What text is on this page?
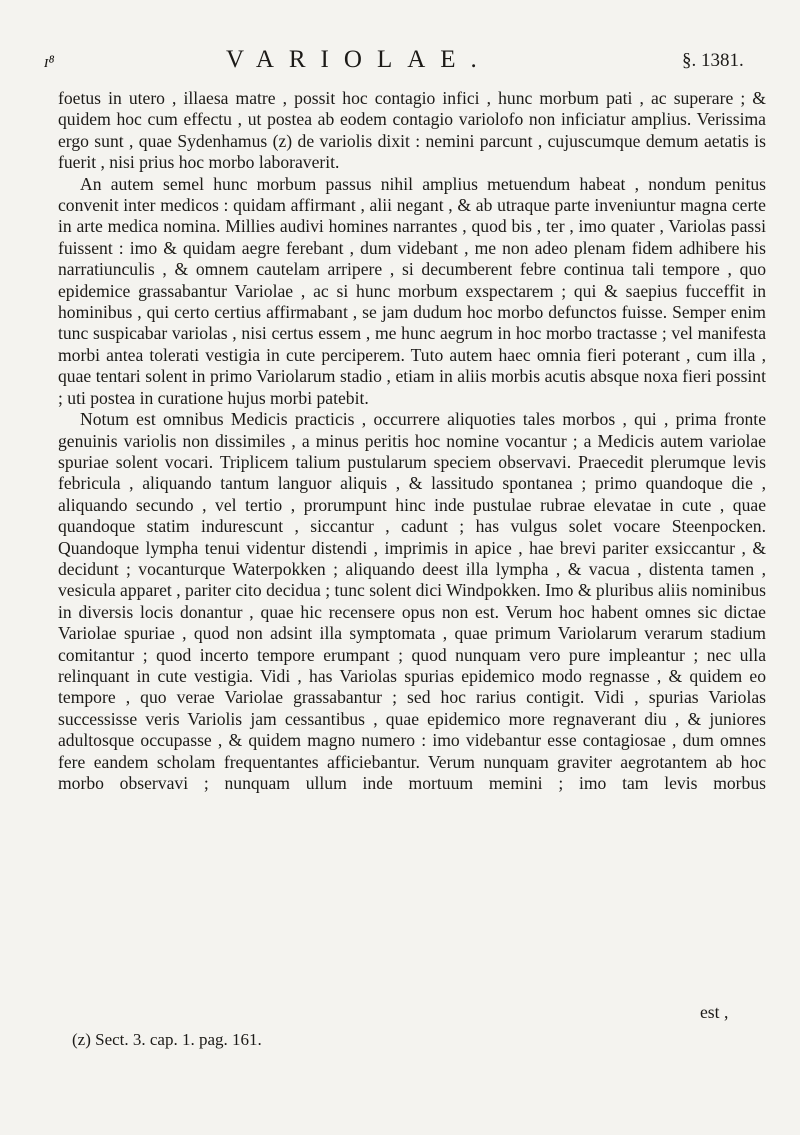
ɪ⁸	VARIOLAE.	§. 1381.

foetus in utero , illaesa matre , possit hoc contagio infici , hunc morbum pati , ac superare ; & quidem hoc cum effectu , ut postea ab eodem contagio variolofo non inficiatur amplius. Verissima ergo sunt , quae Sydenhamus (z) de variolis dixit : nemini parcunt , cujuscumque demum aetatis is fuerit , nisi prius hoc morbo laboraverit.

An autem semel hunc morbum passus nihil amplius metuendum habeat , nondum penitus convenit inter medicos : quidam affirmant , alii negant , & ab utraque parte inveniuntur magna certe in arte medica nomina. Millies audivi homines narrantes , quod bis , ter , imo quater , Variolas passi fuissent : imo & quidam aegre ferebant , dum videbant , me non adeo plenam fidem adhibere his narratiunculis , & omnem cautelam arripere , si decumberent febre continua tali tempore , quo epidemice grassabantur Variolae , ac si hunc morbum exspectarem ; qui & saepius fucceffit in hominibus , qui certo certius affirmabant , se jam dudum hoc morbo defunctos fuisse. Semper enim tunc suspicabar variolas , nisi certus essem , me hunc aegrum in hoc morbo tractasse ; vel manifesta morbi antea tolerati vestigia in cute perciperem. Tuto autem haec omnia fieri poterant , cum illa , quae tentari solent in primo Variolarum stadio , etiam in aliis morbis acutis absque noxa fieri possint ; uti postea in curatione hujus morbi patebit.

Notum est omnibus Medicis practicis , occurrere aliquoties tales morbos , qui , prima fronte genuinis variolis non dissimiles , a minus peritis hoc nomine vocantur ; a Medicis autem variolae spuriae solent vocari. Triplicem talium pustularum speciem observavi. Praecedit plerumque levis febricula , aliquando tantum languor aliquis , & lassitudo spontanea ; primo quandoque die , aliquando secundo , vel tertio , prorumpunt hinc inde pustulae rubrae elevatae in cute , quae quandoque statim indurescunt , siccantur , cadunt ; has vulgus solet vocare Steenpocken. Quandoque lympha tenui videntur distendi , imprimis in apice , hae brevi pariter exsiccantur , & decidunt ; vocanturque Waterpokken ; aliquando deest illa lympha , & vacua , distenta tamen , vesicula apparet , pariter cito decidua ; tunc solent dici Windpokken. Imo & pluribus aliis nominibus in diversis locis donantur , quae hic recensere opus non est. Verum hoc habent omnes sic dictae Variolae spuriae , quod non adsint illa symptomata , quae primum Variolarum verarum stadium comitantur ; quod incerto tempore erumpant ; quod nunquam vero pure impleantur ; nec ulla relinquant in cute vestigia. Vidi , has Variolas spurias epidemico modo regnasse , & quidem eo tempore , quo verae Variolae grassabantur ; sed hoc rarius contigit. Vidi , spurias Variolas successisse veris Variolis jam cessantibus , quae epidemico more regnaverant diu , & juniores adultosque occupasse , & quidem magno numero : imo videbantur esse contagiosae , dum omnes fere eandem scholam frequentantes afficiebantur. Verum nunquam graviter aegrotantem ab hoc morbo observavi ; nunquam ullum inde mortuum memini ; imo tam levis morbus

est ,
(z) Sect. 3. cap. 1. pag. 161.
